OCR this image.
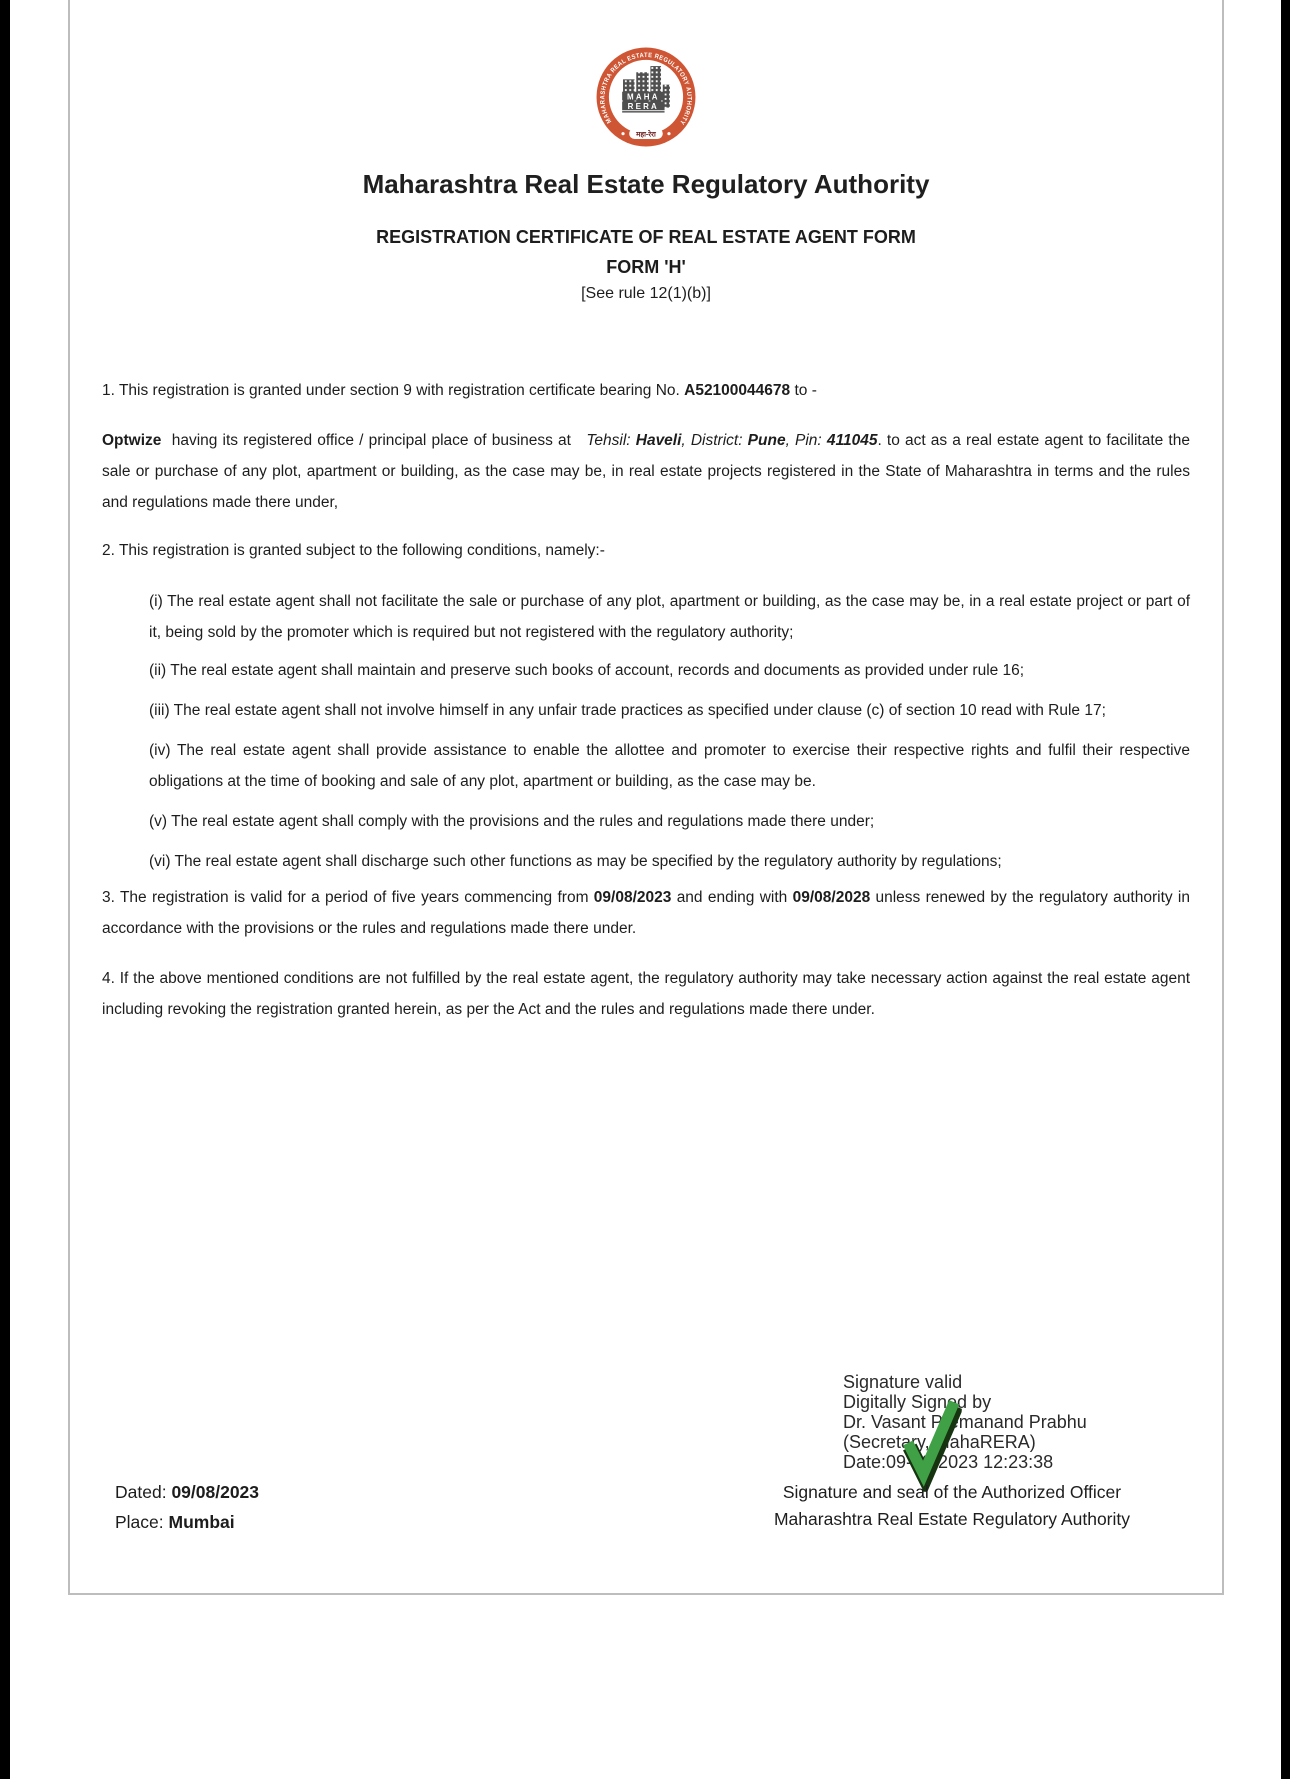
MAHARASHTRA REAL ESTATE REGULATORY AUTHORITY
MAHA
RERA
महा-रेरा
Maharashtra Real Estate Regulatory Authority
REGISTRATION CERTIFICATE OF REAL ESTATE AGENT FORM
FORM 'H'
[See rule 12(1)(b)]

1. This registration is granted under section 9 with registration certificate bearing No. A52100044678 to -

Optwize  having its registered office / principal place of business at   Tehsil: Haveli, District: Pune, Pin: 411045. to act as a real estate agent to facilitate the sale or purchase of any plot, apartment or building, as the case may be, in real estate projects registered in the State of Maharashtra in terms and the rules and regulations made there under,

2. This registration is granted subject to the following conditions, namely:-

(i) The real estate agent shall not facilitate the sale or purchase of any plot, apartment or building, as the case may be, in a real estate project or part of it, being sold by the promoter which is required but not registered with the regulatory authority;

(ii) The real estate agent shall maintain and preserve such books of account, records and documents as provided under rule 16;

(iii) The real estate agent shall not involve himself in any unfair trade practices as specified under clause (c) of section 10 read with Rule 17;

(iv) The real estate agent shall provide assistance to enable the allottee and promoter to exercise their respective rights and fulfil their respective obligations at the time of booking and sale of any plot, apartment or building, as the case may be.

(v) The real estate agent shall comply with the provisions and the rules and regulations made there under;

(vi) The real estate agent shall discharge such other functions as may be specified by the regulatory authority by regulations;

3. The registration is valid for a period of five years commencing from 09/08/2023 and ending with 09/08/2028 unless renewed by the regulatory authority in accordance with the provisions or the rules and regulations made there under.

4. If the above mentioned conditions are not fulfilled by the real estate agent, the regulatory authority may take necessary action against the real estate agent including revoking the registration granted herein, as per the Act and the rules and regulations made there under.

Signature valid
Digitally Signed by
Dr. Vasant Premanand Prabhu
(Secretary, MahaRERA)
Date:09-08-2023 12:23:38
Signature and seal of the Authorized Officer
Maharashtra Real Estate Regulatory Authority
Dated: 09/08/2023
Place: Mumbai
